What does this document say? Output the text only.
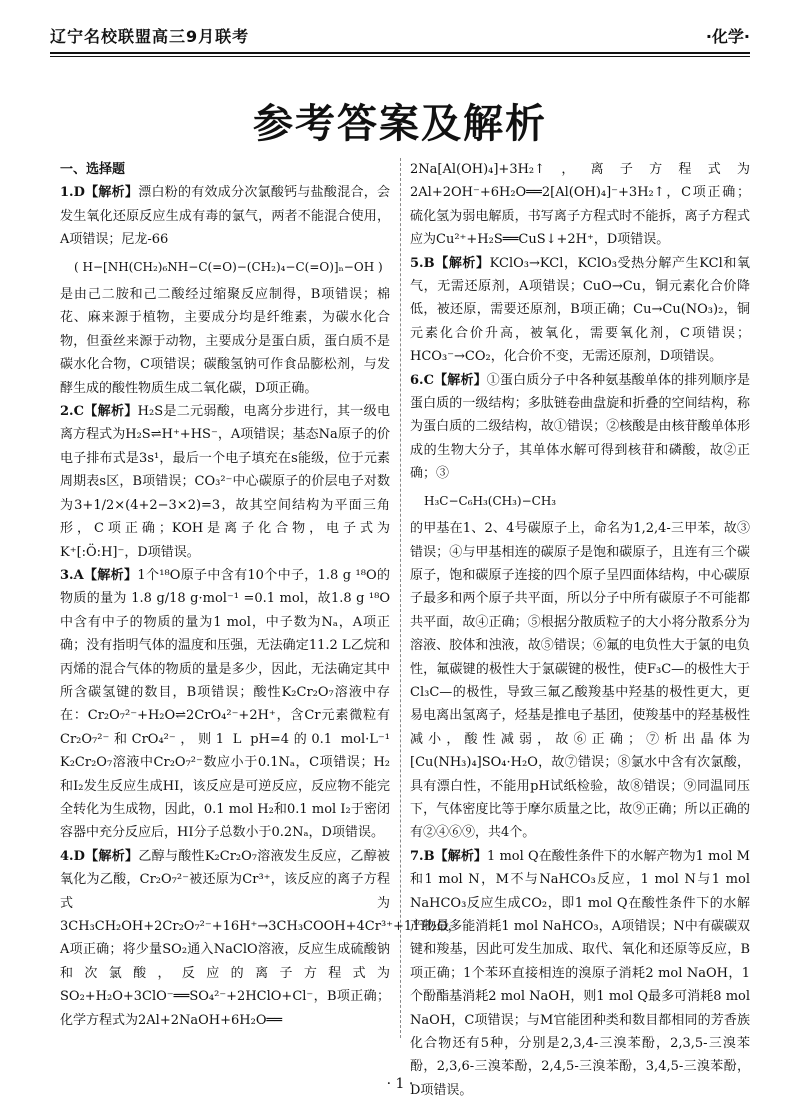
辽宁名校联盟高三9月联考	·化学·
参考答案及解析
一、选择题
1.D【解析】漂白粉的有效成分次氯酸钙与盐酸混合，会发生氧化还原反应生成有毒的氯气，两者不能混合使用，A项错误；尼龙-66
( H−[NH(CH₂)₆NH−C(=O)−(CH₂)₄−C(=O)]ₙ−OH )
是由己二胺和己二酸经过缩聚反应制得，B项错误；棉花、麻来源于植物，主要成分均是纤维素，为碳水化合物，但蚕丝来源于动物，主要成分是蛋白质，蛋白质不是碳水化合物，C项错误；碳酸氢钠可作食品膨松剂，与发酵生成的酸性物质生成二氧化碳，D项正确。
2.C【解析】H₂S是二元弱酸，电离分步进行，其一级电离方程式为H₂S⇌H⁺+HS⁻，A项错误；基态Na原子的价电子排布式是3s¹，最后一个电子填充在s能级，位于元素周期表s区，B项错误；CO₃²⁻中心碳原子的价层电子对数为3+1/2×(4+2−3×2)=3，故其空间结构为平面三角形，C项正确；KOH是离子化合物，电子式为K⁺[:Ö:H]⁻，D项错误。
3.A【解析】1个¹⁸O原子中含有10个中子，1.8 g ¹⁸O的物质的量为 1.8 g/18 g·mol⁻¹ =0.1 mol，故1.8 g ¹⁸O中含有中子的物质的量为1 mol，中子数为Nₐ，A项正确；没有指明气体的温度和压强，无法确定11.2 L乙烷和丙烯的混合气体的物质的量是多少，因此，无法确定其中所含碳氢键的数目，B项错误；酸性K₂Cr₂O₇溶液中存在：Cr₂O₇²⁻+H₂O⇌2CrO₄²⁻+2H⁺，含Cr元素微粒有Cr₂O₇²⁻和CrO₄²⁻，则1 L pH=4的0.1 mol·L⁻¹ K₂Cr₂O₇溶液中Cr₂O₇²⁻数应小于0.1Nₐ，C项错误；H₂和I₂发生反应生成HI，该反应是可逆反应，反应物不能完全转化为生成物，因此，0.1 mol H₂和0.1 mol I₂于密闭容器中充分反应后，HI分子总数小于0.2Nₐ，D项错误。
4.D【解析】乙醇与酸性K₂Cr₂O₇溶液发生反应，乙醇被氧化为乙酸，Cr₂O₇²⁻被还原为Cr³⁺，该反应的离子方程式为3CH₃CH₂OH+2Cr₂O₇²⁻+16H⁺→3CH₃COOH+4Cr³⁺+11H₂O，A项正确；将少量SO₂通入NaClO溶液，反应生成硫酸钠和次氯酸，反应的离子方程式为SO₂+H₂O+3ClO⁻══SO₄²⁻+2HClO+Cl⁻，B项正确；化学方程式为2Al+2NaOH+6H₂O══
2Na[Al(OH)₄]+3H₂↑，离子方程式为2Al+2OH⁻+6H₂O══2[Al(OH)₄]⁻+3H₂↑，C项正确；硫化氢为弱电解质，书写离子方程式时不能拆，离子方程式应为Cu²⁺+H₂S══CuS↓+2H⁺，D项错误。
5.B【解析】KClO₃→KCl，KClO₃受热分解产生KCl和氧气，无需还原剂，A项错误；CuO→Cu，铜元素化合价降低，被还原，需要还原剂，B项正确；Cu→Cu(NO₃)₂，铜元素化合价升高，被氧化，需要氧化剂，C项错误；HCO₃⁻→CO₂，化合价不变，无需还原剂，D项错误。
6.C【解析】①蛋白质分子中各种氨基酸单体的排列顺序是蛋白质的一级结构；多肽链卷曲盘旋和折叠的空间结构，称为蛋白质的二级结构，故①错误；②核酸是由核苷酸单体形成的生物大分子，其单体水解可得到核苷和磷酸，故②正确；③
H₃C−C₆H₃(CH₃)−CH₃
的甲基在1、2、4号碳原子上，命名为1,2,4-三甲苯，故③错误；④与甲基相连的碳原子是饱和碳原子，且连有三个碳原子，饱和碳原子连接的四个原子呈四面体结构，中心碳原子最多和两个原子共平面，所以分子中所有碳原子不可能都共平面，故④正确；⑤根据分散质粒子的大小将分散系分为溶液、胶体和浊液，故⑤错误；⑥氟的电负性大于氯的电负性，氟碳键的极性大于氯碳键的极性，使F₃C—的极性大于Cl₃C—的极性，导致三氟乙酸羧基中羟基的极性更大，更易电离出氢离子，烃基是推电子基团，使羧基中的羟基极性减小，酸性减弱，故⑥正确；⑦析出晶体为[Cu(NH₃)₄]SO₄·H₂O，故⑦错误；⑧氯水中含有次氯酸，具有漂白性，不能用pH试纸检验，故⑧错误；⑨同温同压下，气体密度比等于摩尔质量之比，故⑨正确；所以正确的有②④⑥⑨，共4个。
7.B【解析】1 mol Q在酸性条件下的水解产物为1 mol M和1 mol N，M不与NaHCO₃反应，1 mol N与1 mol NaHCO₃反应生成CO₂，即1 mol Q在酸性条件下的水解产物最多能消耗1 mol NaHCO₃，A项错误；N中有碳碳双键和羧基，因此可发生加成、取代、氧化和还原等反应，B项正确；1个苯环直接相连的溴原子消耗2 mol NaOH，1个酚酯基消耗2 mol NaOH，则1 mol Q最多可消耗8 mol NaOH，C项错误；与M官能团种类和数目都相同的芳香族化合物还有5种，分别是2,3,4-三溴苯酚，2,3,5-三溴苯酚，2,3,6-三溴苯酚，2,4,5-三溴苯酚，3,4,5-三溴苯酚，D项错误。
· 1 ·
